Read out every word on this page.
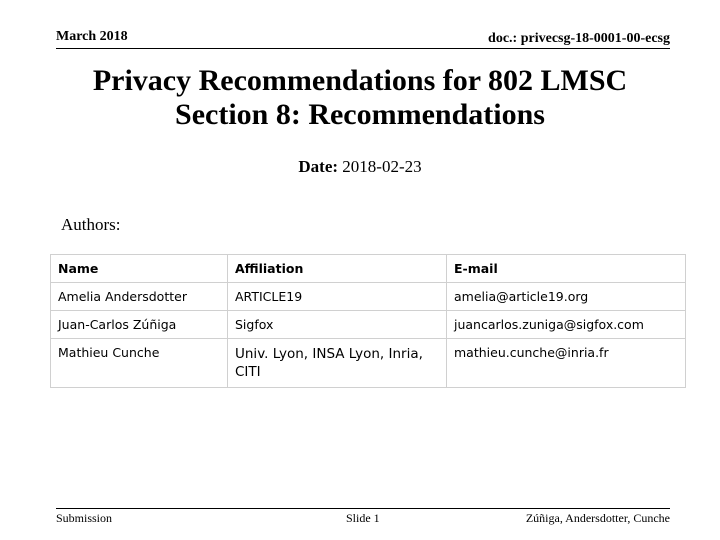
March 2018	doc.: privecsg-18-0001-00-ecsg
Privacy Recommendations for 802 LMSC
Section 8: Recommendations
Date: 2018-02-23
Authors:
Name	Affiliation	E-mail
Amelia Andersdotter	ARTICLE19	amelia@article19.org
Juan-Carlos Zúñiga	Sigfox	juancarlos.zuniga@sigfox.com
Mathieu Cunche	Univ. Lyon, INSA Lyon, Inria, CITI	mathieu.cunche@inria.fr
Submission	Slide 1	Zúñiga, Andersdotter, Cunche
